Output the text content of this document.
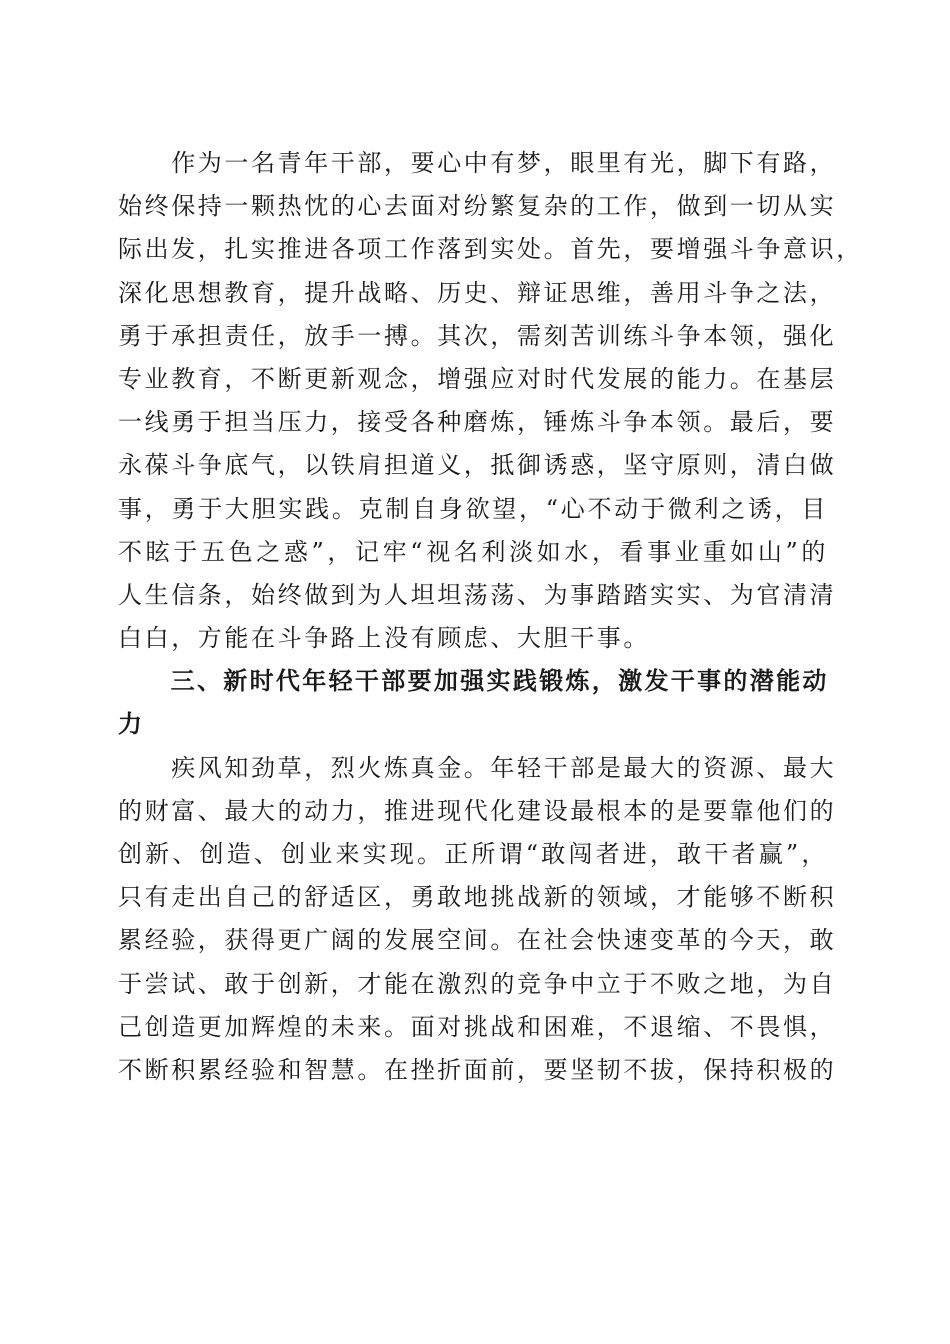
　　作为一名青年干部，要心中有梦，眼里有光，脚下有路，
始终保持一颗热忱的心去面对纷繁复杂的工作，做到一切从实
际出发，扎实推进各项工作落到实处。首先，要增强斗争意识，
深化思想教育，提升战略、历史、辩证思维，善用斗争之法，
勇于承担责任，放手一搏。其次，需刻苦训练斗争本领，强化
专业教育，不断更新观念，增强应对时代发展的能力。在基层
一线勇于担当压力，接受各种磨炼，锤炼斗争本领。最后，要
永葆斗争底气，以铁肩担道义，抵御诱惑，坚守原则，清白做
事，勇于大胆实践。克制自身欲望，“心不动于微利之诱，目
不眩于五色之惑”，记牢“视名利淡如水，看事业重如山”的
人生信条，始终做到为人坦坦荡荡、为事踏踏实实、为官清清
白白，方能在斗争路上没有顾虑、大胆干事。
　　三、新时代年轻干部要加强实践锻炼，激发干事的潜能动
力
　　疾风知劲草，烈火炼真金。年轻干部是最大的资源、最大
的财富、最大的动力，推进现代化建设最根本的是要靠他们的
创新、创造、创业来实现。正所谓“敢闯者进，敢干者赢”，
只有走出自己的舒适区，勇敢地挑战新的领域，才能够不断积
累经验，获得更广阔的发展空间。在社会快速变革的今天，敢
于尝试、敢于创新，才能在激烈的竞争中立于不败之地，为自
己创造更加辉煌的未来。面对挑战和困难，不退缩、不畏惧，
不断积累经验和智慧。在挫折面前，要坚韧不拔，保持积极的
